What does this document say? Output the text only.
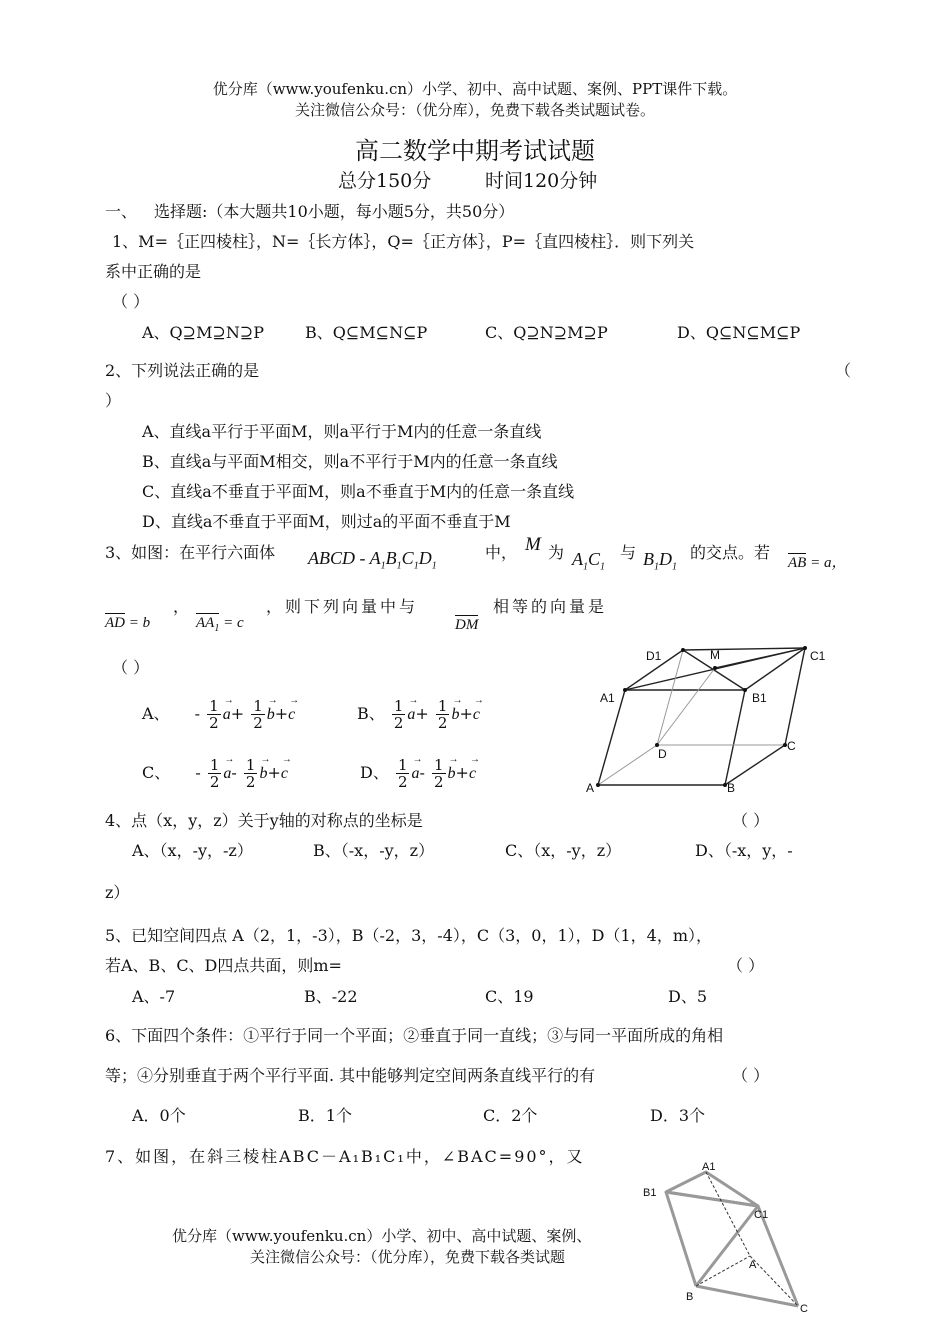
优分库（www.youfenku.cn）小学、初中、高中试题、案例、PPT课件下载。
关注微信公众号：（优分库），免费下载各类试题试卷。
高二数学中期考试试题
总分150分	时间120分钟
一、 选择题:（本大题共10小题，每小题5分，共50分）
1、M=｛正四棱柱｝，N=｛长方体｝，Q=｛正方体｝，P=｛直四棱柱｝．则下列关
系中正确的是
（ ）
A、Q⊇M⊇N⊇P	B、Q⊆M⊆N⊆P	C、Q⊇N⊇M⊇P	D、Q⊆N⊆M⊆P
2、下列说法正确的是	（
）
A、直线a平行于平面M，则a平行于M内的任意一条直线
B、直线a与平面M相交，则a不平行于M内的任意一条直线
C、直线a不垂直于平面M，则a不垂直于M内的任意一条直线
D、直线a不垂直于平面M，则过a的平面不垂直于M
3、如图：在平行六面体 ABCD - $A_1B_1C_1D_1$
中， M 为 $A_1C_1$
与 $B_1D_1$
的交点。若
AB = a，
AD = b
，
$AA_1 = c$
，则下列向量中与
DM
相等的向量是
（ ）
A、 - $\frac{1}{2}$
→ $a+ \frac{1}{2}$
→ b+→ c	B、 $\frac{1}{2}$
→ $a+ \frac{1}{2}$
→ b+→ c
C、 - $\frac{1}{2}$
→ $a- \frac{1}{2}$
→ b+→ c	D、 $\frac{1}{2}$
→ $a- \frac{1}{2}$
→ b+→ c
D1	M	C1
A1	B1
D
C
A	B
4、点（x，y，z）关于y轴的对称点的坐标是	（ ）
A、（x，-y，-z）	B、（-x，-y，z）	C、（x，-y，z）	D、（-x，y，-
z）
5、已知空间四点 A（2，1，-3），B（-2，3，-4），C（3，0，1），D（1，4，m），
若A、B、C、D四点共面，则m=	（ ）
A、-7	B、-22	C、19	D、5
6、下面四个条件：①平行于同一个平面；②垂直于同一直线；③与同一平面所成的角相
等；④分别垂直于两个平行平面. 其中能够判定空间两条直线平行的有	（ ）
A．0个	B．1个	C．2个	D．3个
7、如图，在斜三棱柱ABC－A₁B₁C₁中，∠BAC=90°，又
A1
B1
C1
A
B
C
优分库（www.youfenku.cn）小学、初中、高中试题、案例、
关注微信公众号：（优分库），免费下载各类试题
